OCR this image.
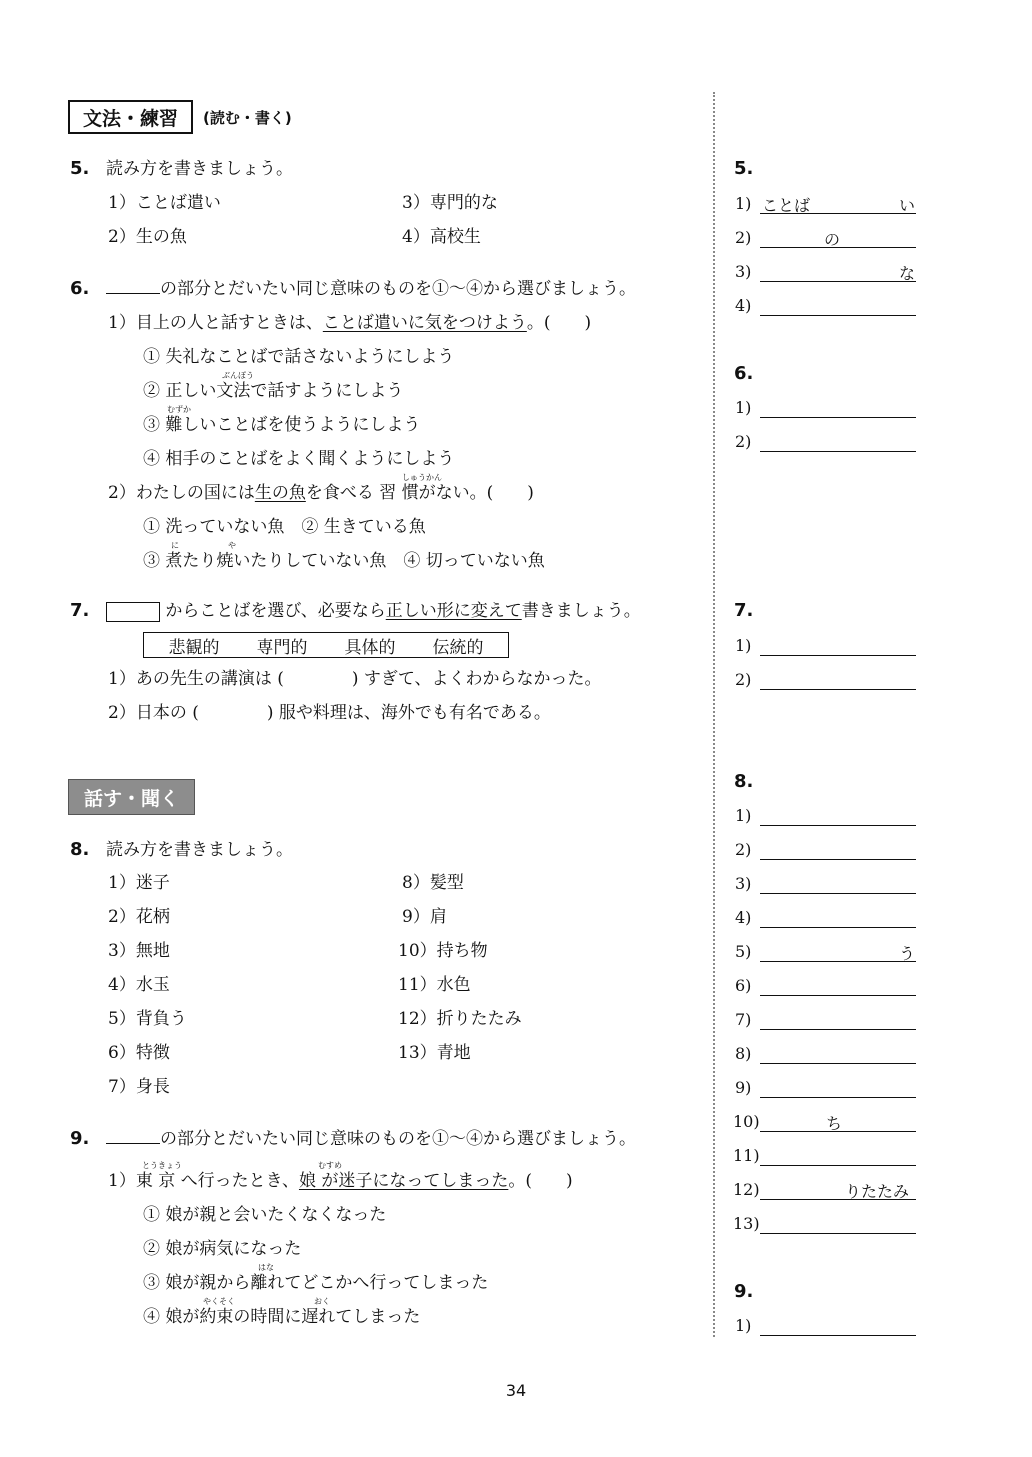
文法・練習	(読む・書く)
5. 読み方を書きましょう。
1）ことば遣い
2）生の魚
3）専門的な
4）高校生
6.	の部分とだいたい同じ意味のものを①〜④から選びましょう。
1）目上の人と話すときは、ことば遣いに気をつけよう。(　　)
① 失礼なことばで話さないようにしよう
ぶんぽう
② 正しい文法で話すようにしよう
むずか
③ 難しいことばを使うようにしよう
④ 相手のことばをよく聞くようにしよう
しゅうかん
2）わたしの国には生の魚を食べる 習 慣がない。(　　)
① 洗っていない魚　② 生きている魚
に	や
③ 煮たり焼いたりしていない魚　④ 切っていない魚
7.	からことばを選び、必要なら正しい形に変えて書きましょう。
悲観的 専門的 具体的 伝統的
1）あの先生の講演は (　　　　) すぎて、よくわからなかった。
2）日本の (　　　　) 服や料理は、海外でも有名である。
話す・聞く
8. 読み方を書きましょう。
1）迷子
2）花柄
3）無地
4）水玉
5）背負う
6）特徴
7）身長
8）髪型
9）肩
10）持ち物
11）水色
12）折りたたみ
13）青地
9.	の部分とだいたい同じ意味のものを①〜④から選びましょう。
とうきょう	むすめ
1）東 京 へ行ったとき、娘 が迷子になってしまった。(　　)
① 娘が親と会いたくなくなった
② 娘が病気になった
はな
③ 娘が親から離れてどこかへ行ってしまった
やくそく	おく
④ 娘が約束の時間に遅れてしまった
5.
1) ことば	い
2)	の
3)	な
4)
6.
1)
2)
7.
1)
2)
8.
1)
2)
3)
4)
5)	う
6)
7)
8)
9)
10)	ち
11)
12)	りたたみ
13)
9.
1)
34
